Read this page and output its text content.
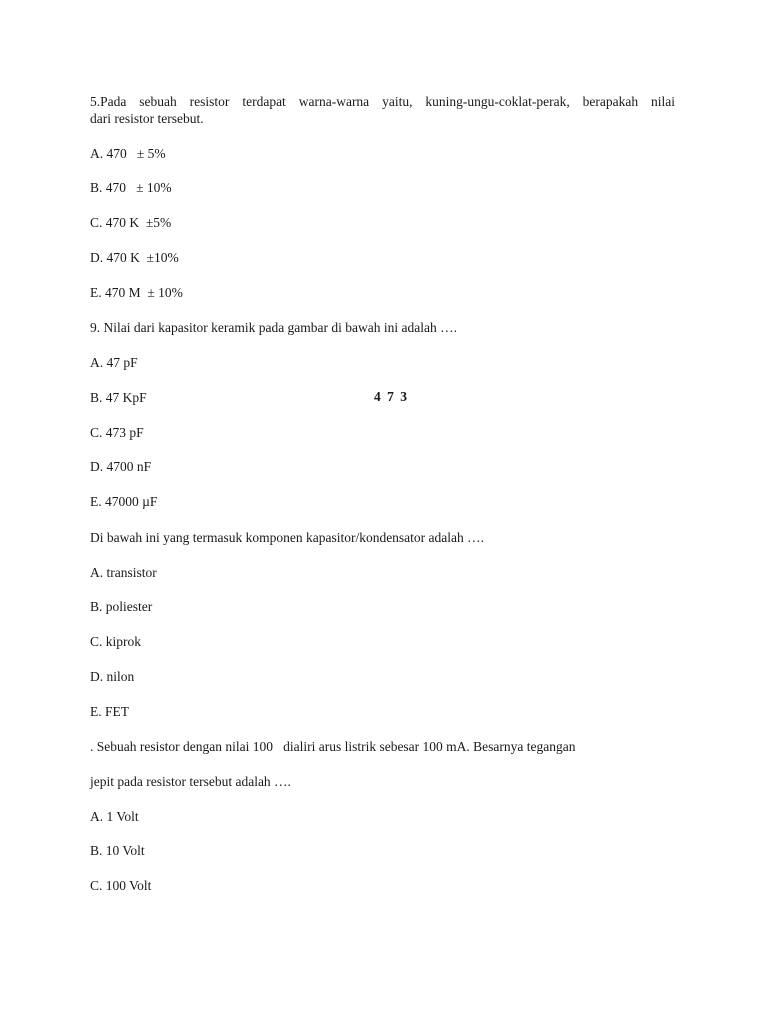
5.Pada sebuah resistor terdapat warna-warna yaitu, kuning-ungu-coklat-perak, berapakah nilai
dari resistor tersebut.
A. 470   ± 5%
B. 470   ± 10%
C. 470 K  ±5%
D. 470 K  ±10%
E. 470 M  ± 10%
9. Nilai dari kapasitor keramik pada gambar di bawah ini adalah ….
A. 47 pF
B. 47 KpF	4 7 3
C. 473 pF
D. 4700 nF
E. 47000 µF
Di bawah ini yang termasuk komponen kapasitor/kondensator adalah ….
A. transistor
B. poliester
C. kiprok
D. nilon
E. FET
. Sebuah resistor dengan nilai 100   dialiri arus listrik sebesar 100 mA. Besarnya tegangan
jepit pada resistor tersebut adalah ….
A. 1 Volt
B. 10 Volt
C. 100 Volt
